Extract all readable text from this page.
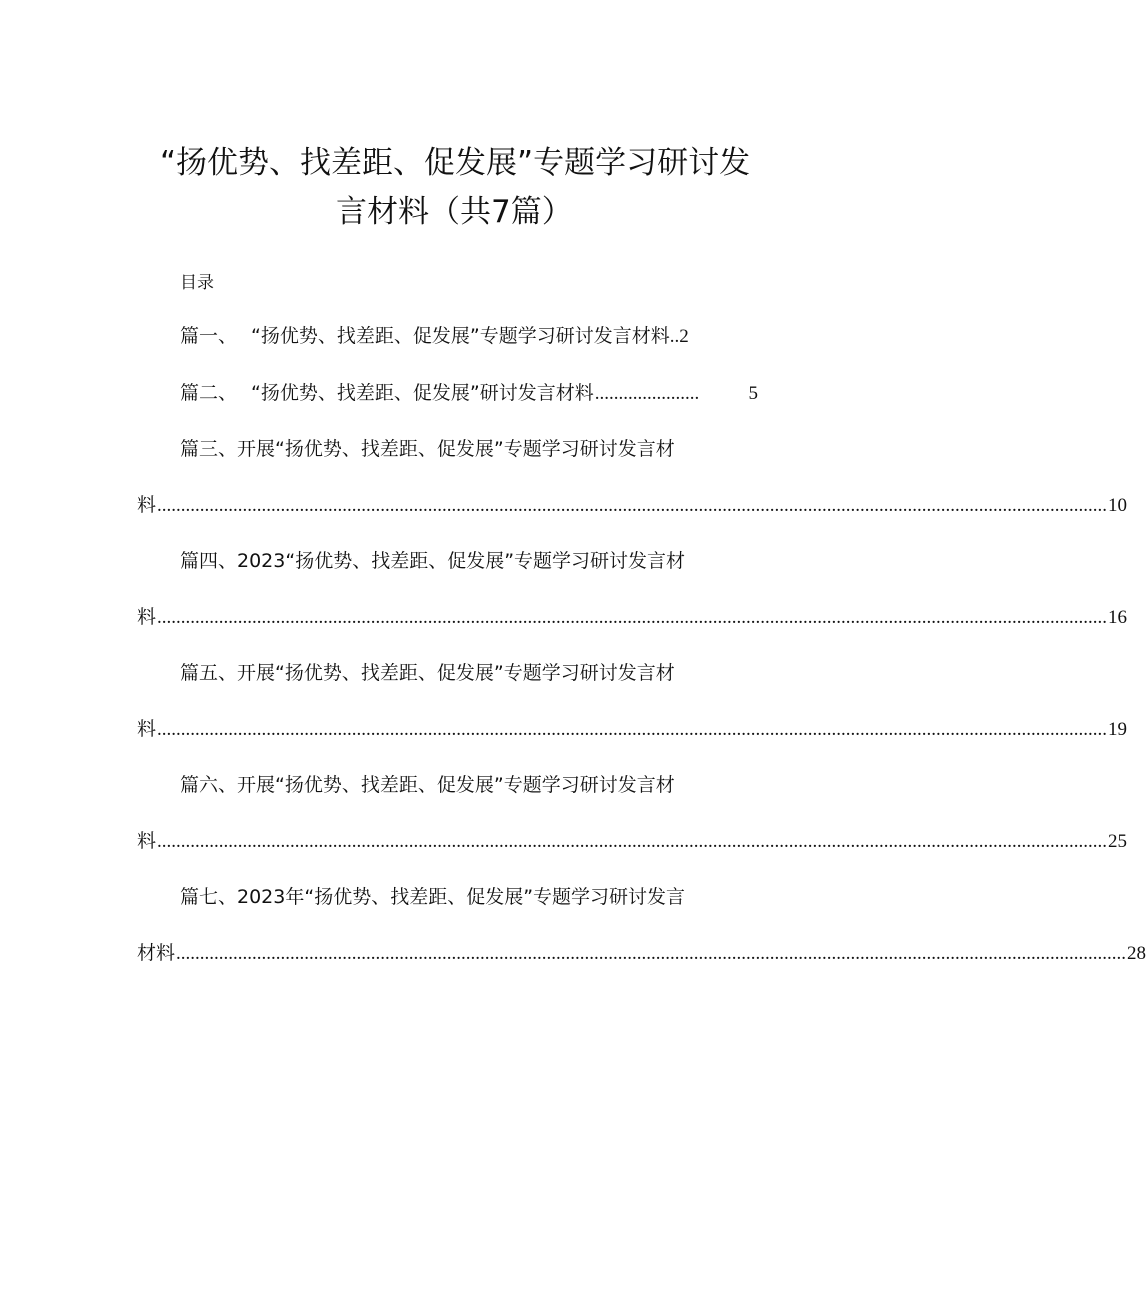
“扬优势、找差距、促发展”专题学习研讨发
言材料（共7篇）
目录
篇一、 “扬优势、找差距、促发展”专题学习研讨发言材料 .. 2
篇二、 “扬优势、找差距、促发展”研讨发言材料 ......................	5
篇三、开展“扬优势、找差距、促发展”专题学习研讨发言材
料 ........................................................................................................................................................................................................ 10
篇四、2023“扬优势、找差距、促发展”专题学习研讨发言材
料 ........................................................................................................................................................................................................ 16
篇五、开展“扬优势、找差距、促发展”专题学习研讨发言材
料 ........................................................................................................................................................................................................ 19
篇六、开展“扬优势、找差距、促发展”专题学习研讨发言材
料 ........................................................................................................................................................................................................ 25
篇七、2023年“扬优势、找差距、促发展”专题学习研讨发言
材料 ........................................................................................................................................................................................................ 28
